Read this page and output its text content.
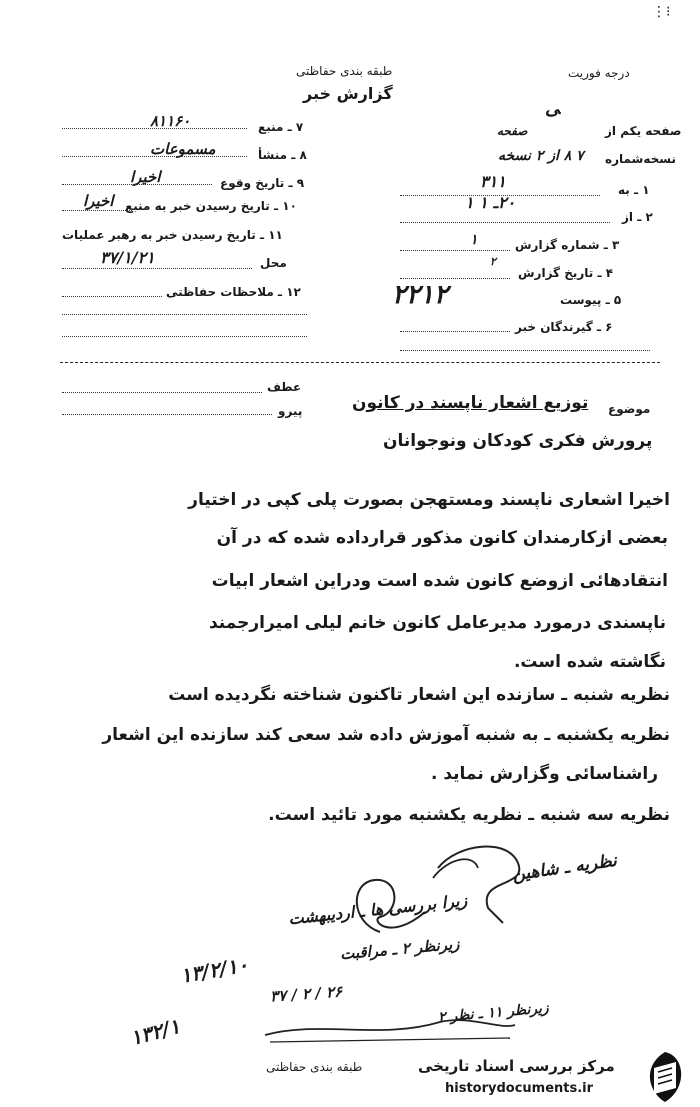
⁝⋮
طبقه بندی حفاظتی
گزارش خبر
درجه فوریت
ﯽ
صفحه یکم از
صفحه
نسخه‌شماره
۷ ۸ از ۲ نسخه
۱ ـ به
۳۱۱
۲ ـ از
۲۰ـ ۱ ۱
۳ ـ شماره گزارش
۱
۴ ـ تاریخ گزارش
۲
۵ ـ پیوست
۲۲۱۲
۶ ـ گیرندگان خبر
۷ ـ منبع
۸۱۱۶۰
۸ ـ منشأ
مسموعات
۹ ـ تاریخ وقوع
اخیرا
۱۰ ـ تاریخ رسیدن خبر به منبع
اخیرا
۱۱ ـ تاریخ رسیدن خبر به رهبر عملیات
محل
۳۷/۱/۲۱
۱۲ ـ ملاحظات حفاظتی
عطف
پیرو	موضوع
توزیع اشعار ناپسند در کانون
پرورش فکری کودکان ونوجوانان
اخیرا اشعاری ناپسند ومستهجن بصورت پلی کپی در اختیار
بعضی ازکارمندان کانون مذکور قرارداده شده که در آن
انتقادهائی ازوضع کانون شده است ودراین اشعار ابیات
ناپسندی درمورد مدیرعامل کانون خانم لیلی امیرارجمند
نگاشته شده است.
نظریه شنبه ـ سازنده این اشعار تاکنون شناخته نگردیده است
نظریه یکشنبه ـ به شنبه آموزش داده شد سعی کند سازنده این اشعار
راشناسائی وگزارش نماید .
نظریه سه شنبه ـ نظریه یکشنبه مورد تائید است.
نظریه ـ شاهین
زیرا بررسی ها ـ اردیبهشت
زیرنظر ۲ ـ مراقبت
زیرنظر ۱۱ ـ نظر ۲
۲۶ / ۲ / ۳۷
۱۳/۲/۱۰
۱۳۲/۱
طبقه بندی حفاظتی	مرکز بررسی اسناد تاریخی
historydocuments.ir
